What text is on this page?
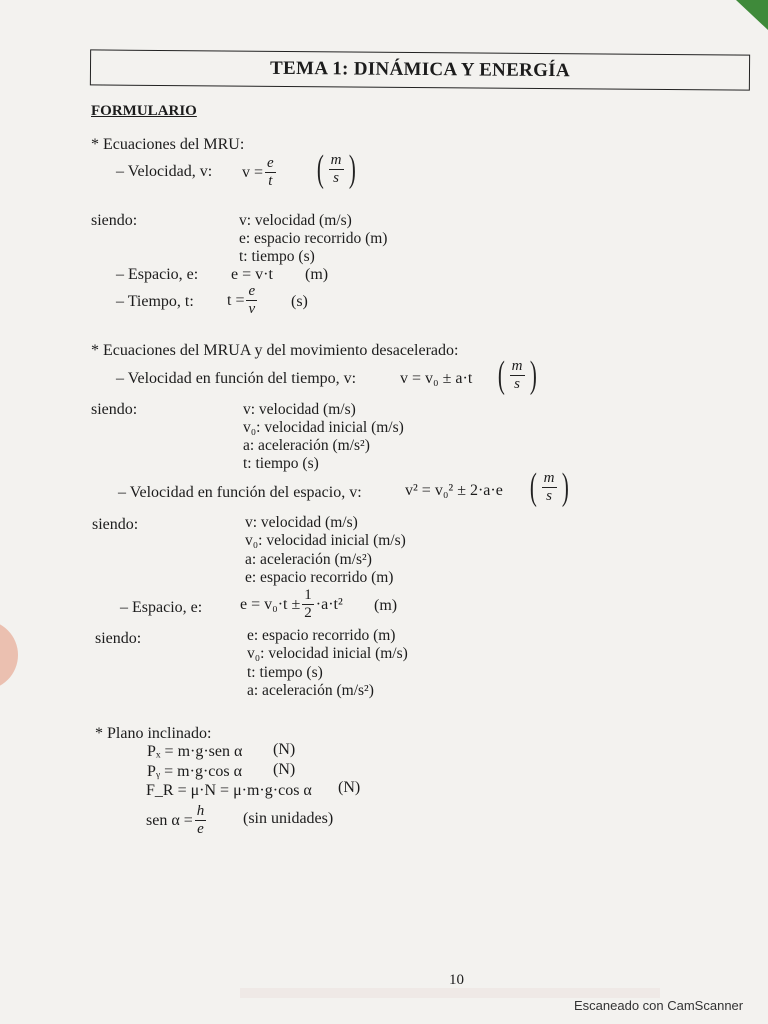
TEMA 1: DINÁMICA Y ENERGÍA
FORMULARIO
* Ecuaciones del MRU:
– Velocidad, v: $v = \frac{e}{t}$ ( $\frac{m}{s}$ )
siendo:	v: velocidad (m/s)
e: espacio recorrido (m)
t: tiempo (s)
– Espacio, e: e = v·t (m)
– Tiempo, t: $t = \frac{e}{v} (s)$
* Ecuaciones del MRUA y del movimiento desacelerado:
– Velocidad en función del tiempo, v:	v = v₀ ± a·t ( $\frac{m}{s}$ )
siendo:	v: velocidad (m/s)
v₀: velocidad inicial (m/s)
a: aceleración (m/s²)
t: tiempo (s)
– Velocidad en función del espacio, v:	v² = v₀² ± 2·a·e ( $\frac{m}{s}$ )
siendo:	v: velocidad (m/s)
v₀: velocidad inicial (m/s)
a: aceleración (m/s²)
e: espacio recorrido (m)
– Espacio, e: $e = v_0\cdot t \pm \frac{1}{2} \cdot a\cdot t^2$ (m)
siendo:	e: espacio recorrido (m)
v₀: velocidad inicial (m/s)
t: tiempo (s)
a: aceleración (m/s²)
* Plano inclinado:
Pₓ = m·g·sen α (N)
Pᵧ = m·g·cos α (N)
F_R = μ·N = μ·m·g·cos α (N)
sen $\alpha = \frac{h}{e} (\sin$ unidades)
10
Escaneado con CamScanner
